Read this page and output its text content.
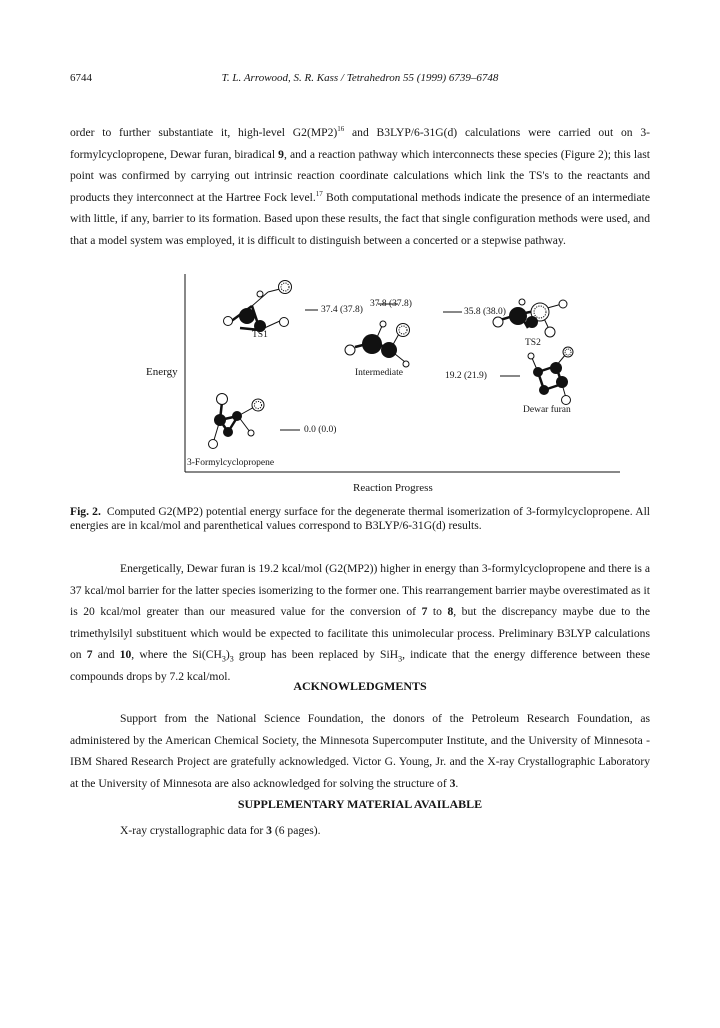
6744	T. L. Arrowood, S. R. Kass / Tetrahedron 55 (1999) 6739–6748

order to further substantiate it, high-level $G2(MP2)^{16}$ and B3LYP/6-31G(d) calculations were carried out on 3-formylcyclopropene, Dewar furan, biradical 9, and a reaction pathway which interconnects these species (Figure 2); this last point was confirmed by carrying out intrinsic reaction coordinate calculations which link the TS's to the reactants and products they interconnect at the Hartree Fock level.$^{17}$ Both computational methods indicate the presence of an intermediate with little, if any, barrier to its formation. Based upon these results, the fact that single configuration methods were used, and that a model system was employed, it is difficult to distinguish between a concerted or a stepwise pathway.

Energy
Reaction Progress
3-Formylcyclopropene
0.0 (0.0)
TS1
37.4 (37.8)
Intermediate
37.8 (37.8)
TS2
35.8 (38.0)
Dewar furan
19.2 (21.9)

Fig. 2. Computed G2(MP2) potential energy surface for the degenerate thermal isomerization of 3-formylcyclopropene. All energies are in kcal/mol and parenthetical values correspond to B3LYP/6-31G(d) results.

Energetically, Dewar furan is 19.2 kcal/mol (G2(MP2)) higher in energy than 3-formylcyclopropene and there is a 37 kcal/mol barrier for the latter species isomerizing to the former one. This rearrangement barrier maybe overestimated as it is 20 kcal/mol greater than our measured value for the conversion of 7 to 8, but the discrepancy maybe due to the trimethylsilyl substituent which would be expected to facilitate this unimolecular process. Preliminary B3LYP calculations on 7 and 10, where the $Si(CH_3)_3$ group has been replaced by SiH$_3$, indicate that the energy difference between these compounds drops by 7.2 kcal/mol.

ACKNOWLEDGMENTS

Support from the National Science Foundation, the donors of the Petroleum Research Foundation, as administered by the American Chemical Society, the Minnesota Supercomputer Institute, and the University of Minnesota - IBM Shared Research Project are gratefully acknowledged. Victor G. Young, Jr. and the X-ray Crystallographic Laboratory at the University of Minnesota are also acknowledged for solving the structure of 3.

SUPPLEMENTARY MATERIAL AVAILABLE

X-ray crystallographic data for 3 (6 pages).
